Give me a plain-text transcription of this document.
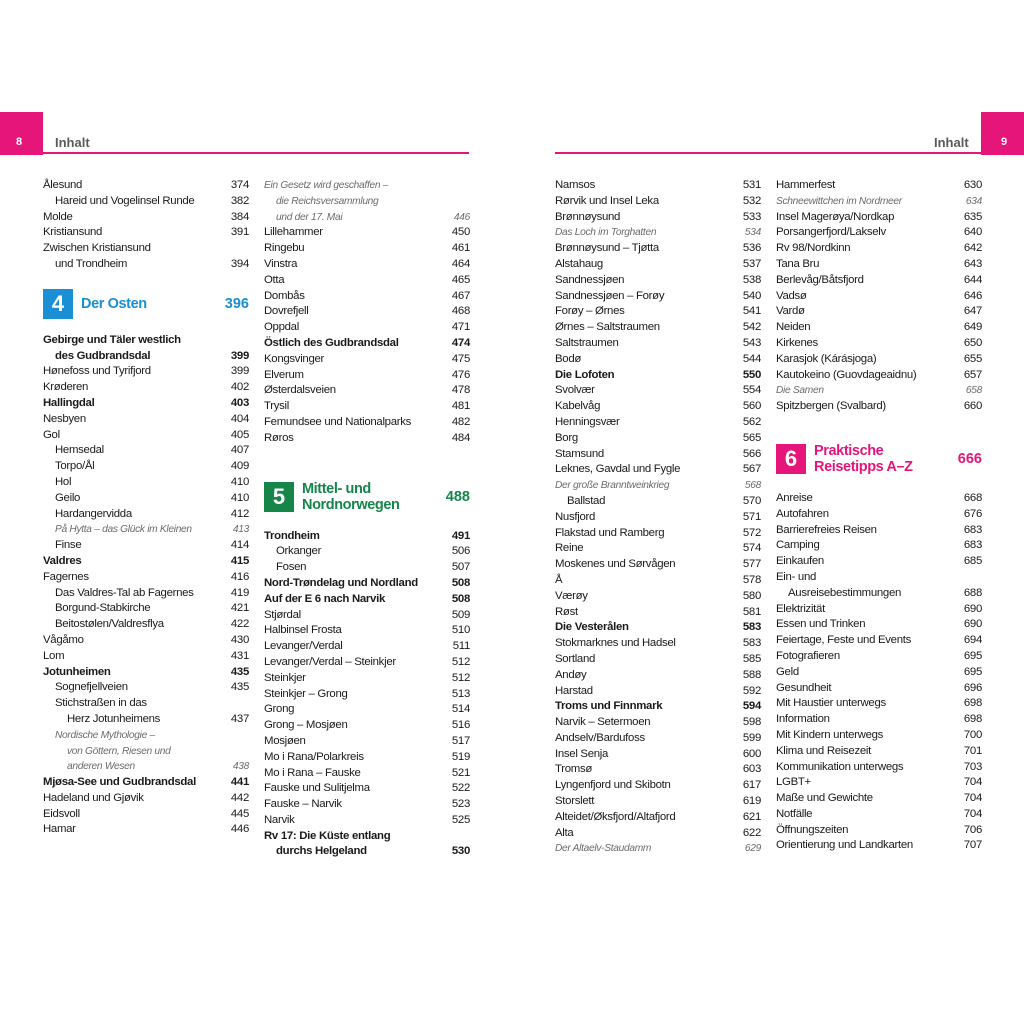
8	9
Inhalt	Inhalt
Ålesund	374
Hareid und Vogelinsel Runde	382
Molde	384
Kristiansund	391
Zwischen Kristiansund
und Trondheim	394
4	Der Osten	396
Gebirge und Täler westlich
des Gudbrandsdal	399
Hønefoss und Tyrifjord	399
Krøderen	402
Hallingdal	403
Nesbyen	404
Gol	405
Hemsedal	407
Torpo/Ål	409
Hol	410
Geilo	410
Hardangervidda	412
På Hytta – das Glück im Kleinen	413
Finse	414
Valdres	415
Fagernes	416
Das Valdres-Tal ab Fagernes	419
Borgund-Stabkirche	421
Beitostølen/Valdresflya	422
Vågåmo	430
Lom	431
Jotunheimen	435
Sognefjellveien	435
Stichstraßen in das
Herz Jotunheimens	437
Nordische Mythologie –
von Göttern, Riesen und
anderen Wesen	438
Mjøsa-See und Gudbrandsdal	441
Hadeland und Gjøvik	442
Eidsvoll	445
Hamar	446
Ein Gesetz wird geschaffen –
die Reichsversammlung
und der 17. Mai	446
Lillehammer	450
Ringebu	461
Vinstra	464
Otta	465
Dombås	467
Dovrefjell	468
Oppdal	471
Östlich des Gudbrandsdal	474
Kongsvinger	475
Elverum	476
Østerdalsveien	478
Trysil	481
Femundsee und Nationalparks	482
Røros	484
5	Mittel- und
Nordnorwegen	488
Trondheim	491
Orkanger	506
Fosen	507
Nord-Trøndelag und Nordland	508
Auf der E 6 nach Narvik	508
Stjørdal	509
Halbinsel Frosta	510
Levanger/Verdal	511
Levanger/Verdal – Steinkjer	512
Steinkjer	512
Steinkjer – Grong	513
Grong	514
Grong – Mosjøen	516
Mosjøen	517
Mo i Rana/Polarkreis	519
Mo i Rana – Fauske	521
Fauske und Sulitjelma	522
Fauske – Narvik	523
Narvik	525
Rv 17: Die Küste entlang
durchs Helgeland	530
Namsos	531
Rørvik und Insel Leka	532
Brønnøysund	533
Das Loch im Torghatten	534
Brønnøysund – Tjøtta	536
Alstahaug	537
Sandnessjøen	538
Sandnessjøen – Forøy	540
Forøy – Ørnes	541
Ørnes – Saltstraumen	542
Saltstraumen	543
Bodø	544
Die Lofoten	550
Svolvær	554
Kabelvåg	560
Henningsvær	562
Borg	565
Stamsund	566
Leknes, Gavdal und Fygle	567
Der große Branntweinkrieg	568
Ballstad	570
Nusfjord	571
Flakstad und Ramberg	572
Reine	574
Moskenes und Sørvågen	577
Å	578
Værøy	580
Røst	581
Die Vesterålen	583
Stokmarknes und Hadsel	583
Sortland	585
Andøy	588
Harstad	592
Troms und Finnmark	594
Narvik – Setermoen	598
Andselv/Bardufoss	599
Insel Senja	600
Tromsø	603
Lyngenfjord und Skibotn	617
Storslett	619
Alteidet/Øksfjord/Altafjord	621
Alta	622
Der Altaelv-Staudamm	629
Hammerfest	630
Schneewittchen im Nordmeer	634
Insel Magerøya/Nordkap	635
Porsangerfjord/Lakselv	640
Rv 98/Nordkinn	642
Tana Bru	643
Berlevåg/Båtsfjord	644
Vadsø	646
Vardø	647
Neiden	649
Kirkenes	650
Karasjok (Kárásjoga)	655
Kautokeino (Guovdageaidnu)	657
Die Samen	658
Spitzbergen (Svalbard)	660
6	Praktische
Reisetipps A–Z	666
Anreise	668
Autofahren	676
Barrierefreies Reisen	683
Camping	683
Einkaufen	685
Ein- und
Ausreisebestimmungen	688
Elektrizität	690
Essen und Trinken	690
Feiertage, Feste und Events	694
Fotografieren	695
Geld	695
Gesundheit	696
Mit Haustier unterwegs	698
Information	698
Mit Kindern unterwegs	700
Klima und Reisezeit	701
Kommunikation unterwegs	703
LGBT+	704
Maße und Gewichte	704
Notfälle	704
Öffnungszeiten	706
Orientierung und Landkarten	707
